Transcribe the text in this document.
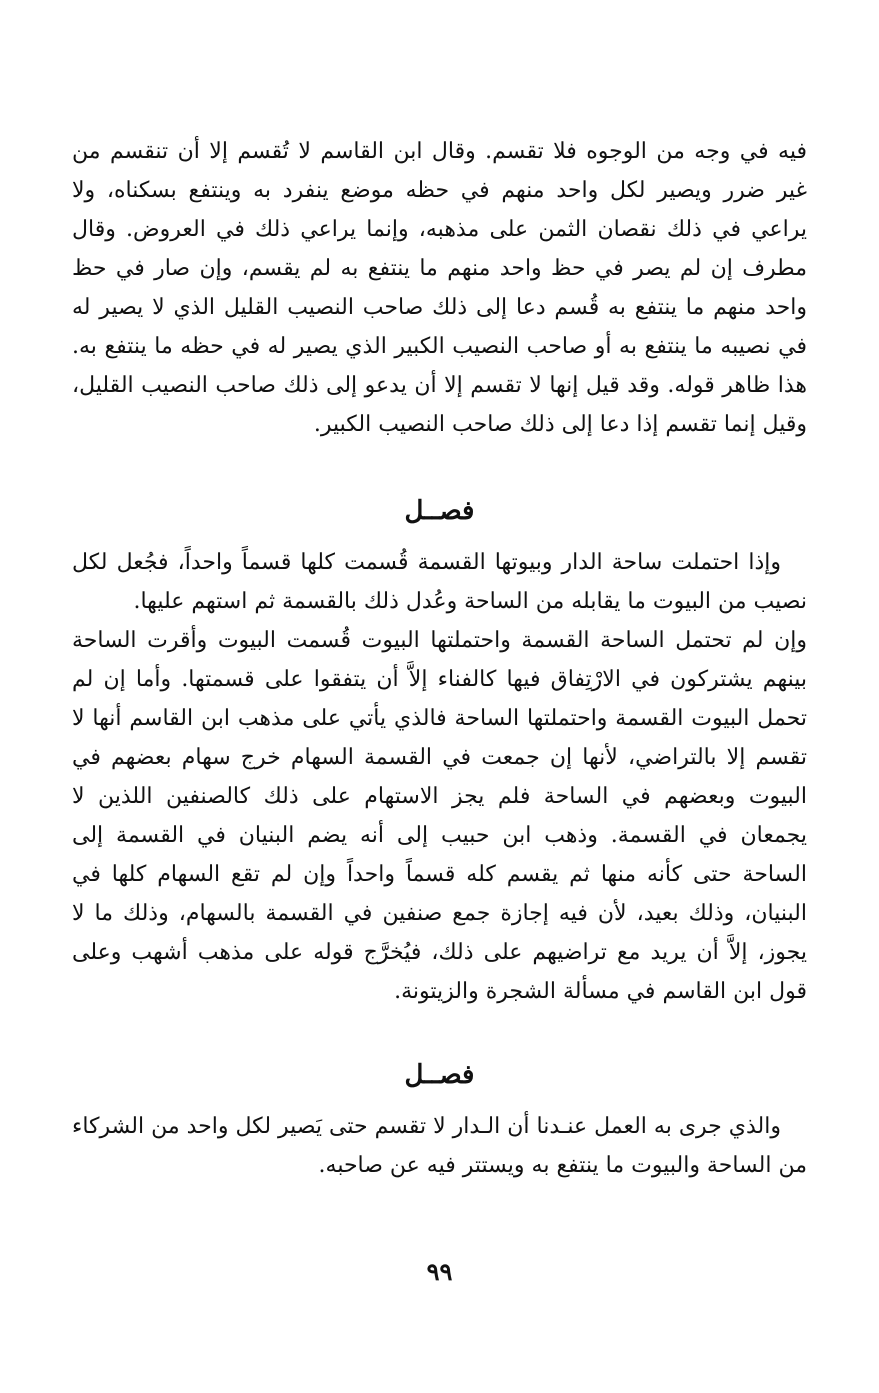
فيه في وجه من الوجوه فلا تقسم. وقال ابن القاسم لا تُقسم إلا أن تنقسم من غير ضرر ويصير لكل واحد منهم في حظه موضع ينفرد به وينتفع بسكناه، ولا يراعي في ذلك نقصان الثمن على مذهبه، وإنما يراعي ذلك في العروض. وقال مطرف إن لم يصر في حظ واحد منهم ما ينتفع به لم يقسم، وإن صار في حظ واحد منهم ما ينتفع به قُسم دعا إلى ذلك صاحب النصيب القليل الذي لا يصير له في نصيبه ما ينتفع به أو صاحب النصيب الكبير الذي يصير له في حظه ما ينتفع به. هذا ظاهر قوله. وقد قيل إنها لا تقسم إلا أن يدعو إلى ذلك صاحب النصيب القليل، وقيل إنما تقسم إذا دعا إلى ذلك صاحب النصيب الكبير.

فصــل

وإذا احتملت ساحة الدار وبيوتها القسمة قُسمت كلها قسماً واحداً، فجُعل لكل نصيب من البيوت ما يقابله من الساحة وعُدل ذلك بالقسمة ثم استهم عليها.

وإن لم تحتمل الساحة القسمة واحتملتها البيوت قُسمت البيوت وأقرت الساحة بينهم يشتركون في الارْتِفاق فيها كالفناء إلاَّ أن يتفقوا على قسمتها. وأما إن لم تحمل البيوت القسمة واحتملتها الساحة فالذي يأتي على مذهب ابن القاسم أنها لا تقسم إلا بالتراضي، لأنها إن جمعت في القسمة السهام خرج سهام بعضهم في البيوت وبعضهم في الساحة فلم يجز الاستهام على ذلك كالصنفين اللذين لا يجمعان في القسمة. وذهب ابن حبيب إلى أنه يضم البنيان في القسمة إلى الساحة حتى كأنه منها ثم يقسم كله قسماً واحداً وإن لم تقع السهام كلها في البنيان، وذلك بعيد، لأن فيه إجازة جمع صنفين في القسمة بالسهام، وذلك ما لا يجوز، إلاَّ أن يريد مع تراضيهم على ذلك، فيُخرَّج قوله على مذهب أشهب وعلى قول ابن القاسم في مسألة الشجرة والزيتونة.

فصــل

والذي جرى به العمل عنـدنا أن الـدار لا تقسم حتى يَصير لكل واحد من الشركاء من الساحة والبيوت ما ينتفع به ويستتر فيه عن صاحبه.

٩٩
